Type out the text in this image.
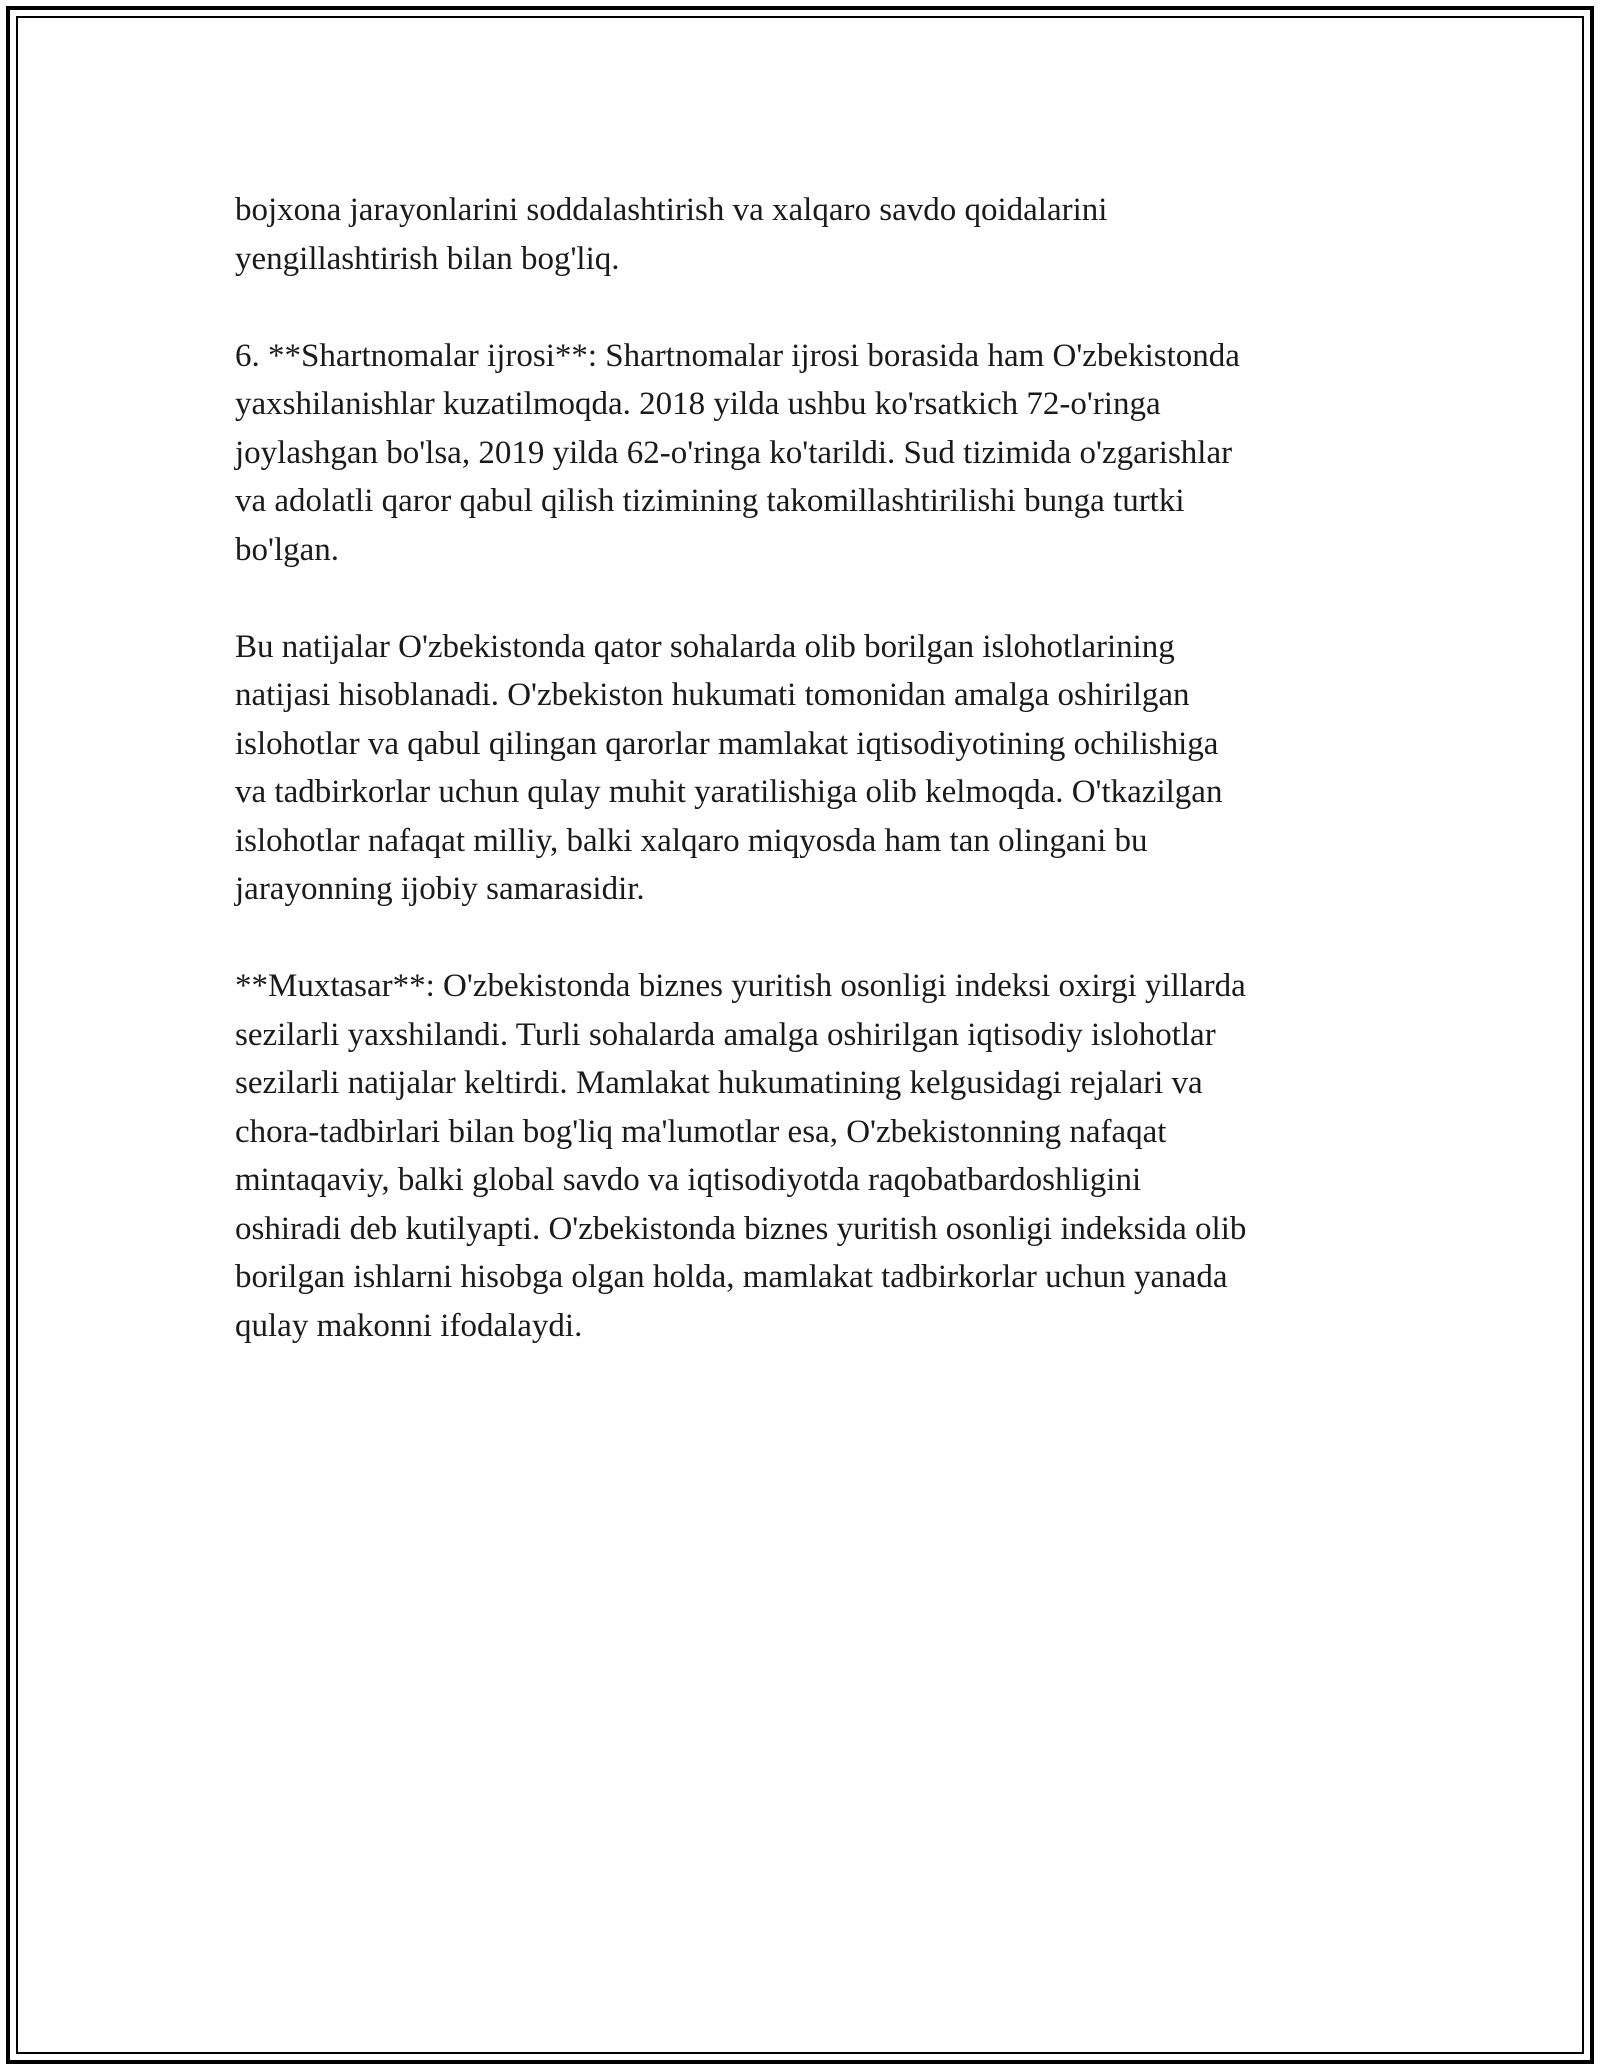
bojxona jarayonlarini soddalashtirish va xalqaro savdo qoidalarini
yengillashtirish bilan bog'liq.

6. **Shartnomalar ijrosi**: Shartnomalar ijrosi borasida ham O'zbekistonda
yaxshilanishlar kuzatilmoqda. 2018 yilda ushbu ko'rsatkich 72-o'ringa
joylashgan bo'lsa, 2019 yilda 62-o'ringa ko'tarildi. Sud tizimida o'zgarishlar
va adolatli qaror qabul qilish tizimining takomillashtirilishi bunga turtki
bo'lgan.

Bu natijalar O'zbekistonda qator sohalarda olib borilgan islohotlarining
natijasi hisoblanadi. O'zbekiston hukumati tomonidan amalga oshirilgan
islohotlar va qabul qilingan qarorlar mamlakat iqtisodiyotining ochilishiga
va tadbirkorlar uchun qulay muhit yaratilishiga olib kelmoqda. O'tkazilgan
islohotlar nafaqat milliy, balki xalqaro miqyosda ham tan olingani bu
jarayonning ijobiy samarasidir.

**Muxtasar**: O'zbekistonda biznes yuritish osonligi indeksi oxirgi yillarda
sezilarli yaxshilandi. Turli sohalarda amalga oshirilgan iqtisodiy islohotlar
sezilarli natijalar keltirdi. Mamlakat hukumatining kelgusidagi rejalari va
chora-tadbirlari bilan bog'liq ma'lumotlar esa, O'zbekistonning nafaqat
mintaqaviy, balki global savdo va iqtisodiyotda raqobatbardoshligini
oshiradi deb kutilyapti. O'zbekistonda biznes yuritish osonligi indeksida olib
borilgan ishlarni hisobga olgan holda, mamlakat tadbirkorlar uchun yanada
qulay makonni ifodalaydi.
